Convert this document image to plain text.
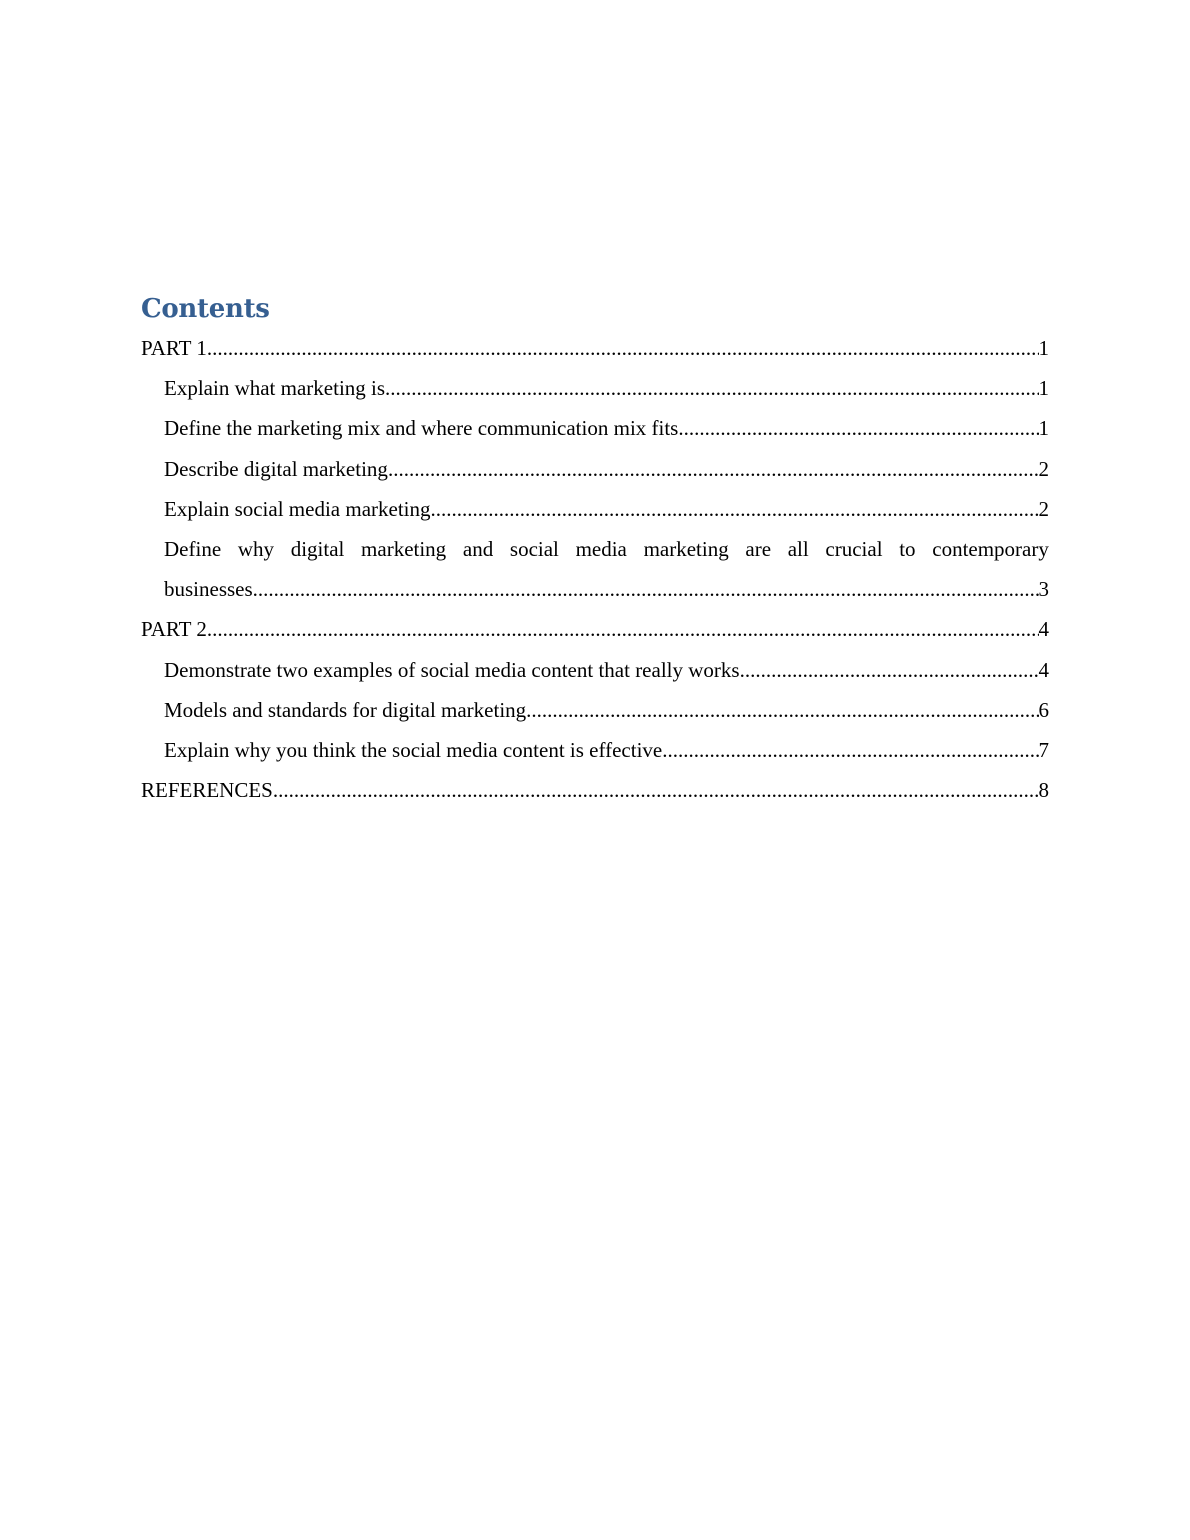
Contents
PART 1 .....	1
Explain what marketing is .....	1
Define the marketing mix and where communication mix fits .....	1
Describe digital marketing .....	2
Explain social media marketing .....	2
Define why digital marketing and social media marketing are all crucial to contemporary
businesses .....	3
PART 2 .....	4
Demonstrate two examples of social media content that really works .....	4
Models and standards for digital marketing .....	6
Explain why you think the social media content is effective .....	7
REFERENCES .....	8
